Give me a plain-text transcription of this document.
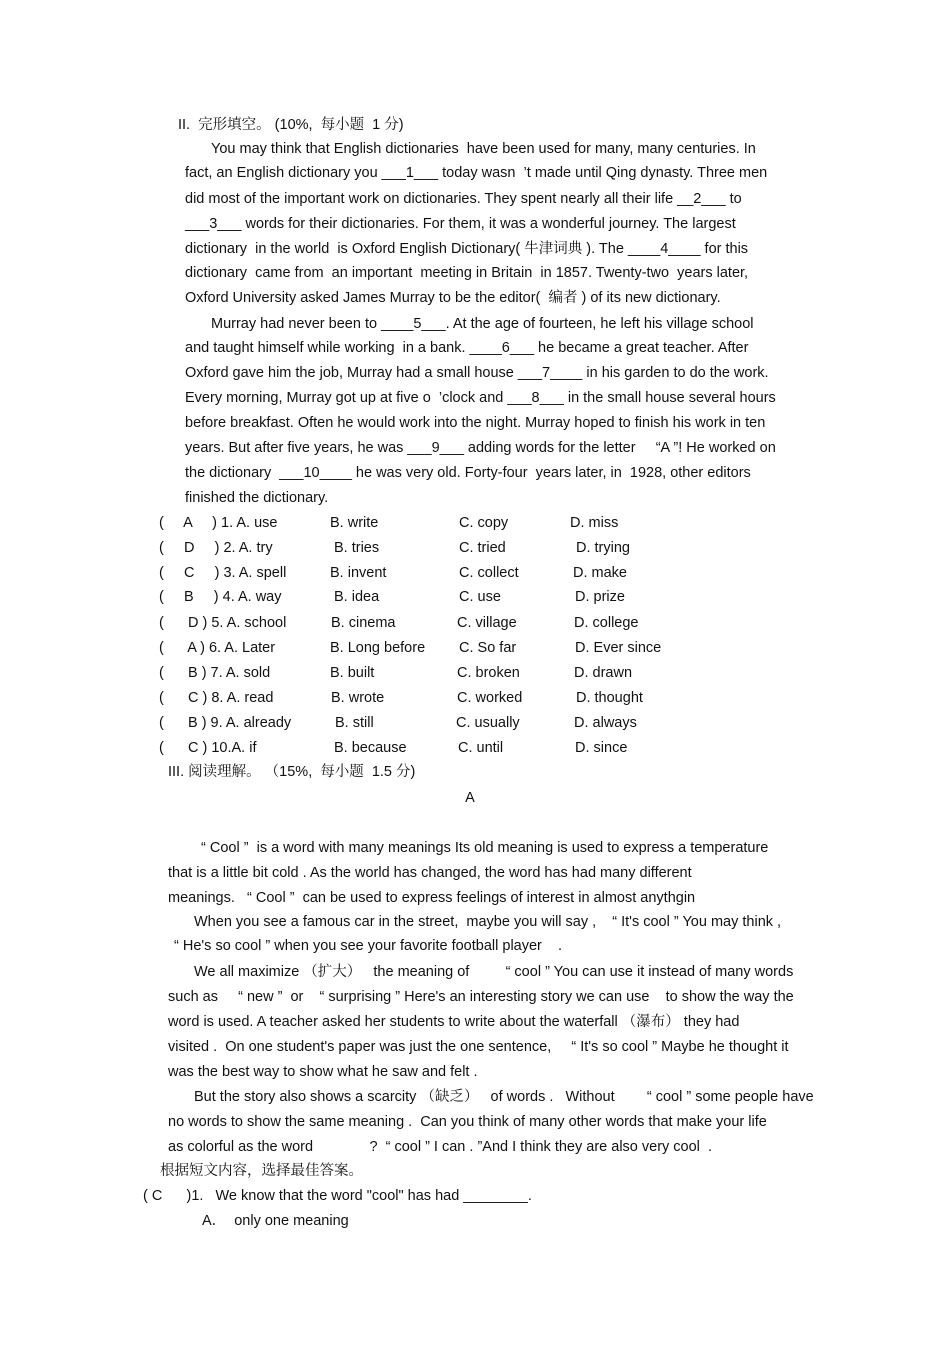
II.  完形填空。 (10%,  每小题  1 分)
You may think that English dictionaries  have been used for many, many centuries. In
fact, an English dictionary you ___1___ today wasn  ’t made until Qing dynasty. Three men
did most of the important work on dictionaries. They spent nearly all their life __2___ to
___3___ words for their dictionaries. For them, it was a wonderful journey. The largest
dictionary  in the world  is Oxford English Dictionary( 牛津词典 ). The ____4____ for this
dictionary  came from  an important  meeting in Britain  in 1857. Twenty-two  years later,
Oxford University asked James Murray to be the editor(  编者 ) of its new dictionary.
Murray had never been to ____5___. At the age of fourteen, he left his village school
and taught himself while working  in a bank. ____6___ he became a great teacher. After
Oxford gave him the job, Murray had a small house ___7____ in his garden to do the work.
Every morning, Murray got up at five o  ’clock and ___8___ in the small house several hours
before breakfast. Often he would work into the night. Murray hoped to finish his work in ten
years. But after five years, he was ___9___ adding words for the letter     “A ”! He worked on
the dictionary  ___10____ he was very old. Forty-four  years later, in  1928, other editors
finished the dictionary.
(     A     ) 1. A. use	B. write	C. copy	D. miss
(     D     ) 2. A. try	B. tries	C. tried	D. trying
(     C     ) 3. A. spell	B. invent	C. collect	D. make
(     B     ) 4. A. way	B. idea	C. use	D. prize
(      D ) 5. A. school	B. cinema	C. village	D. college
(      A ) 6. A. Later	B. Long before C. So far	D. Ever since
(      B ) 7. A. sold	B. built	C. broken	D. drawn
(      C ) 8. A. read	B. wrote	C. worked	D. thought
(      B ) 9. A. already	B. still	C. usually	D. always
(      C ) 10.A. if	B. because	C. until	D. since
III. 阅读理解。 （15%,  每小题  1.5 分)
A
“ Cool ”  is a word with many meanings Its old meaning is used to express a temperature
that is a little bit cold . As the world has changed, the word has had many different
meanings.   “ Cool ”  can be used to express feelings of interest in almost anythgin
When you see a famous car in the street,  maybe you will say ,    “ It's cool ” You may think ,
“ He's so cool ” when you see your favorite football player    .
We all maximize （扩大）   the meaning of         “ cool ” You can use it instead of many words
such as     “ new ”  or    “ surprising ” Here's an interesting story we can use    to show the way the
word is used. A teacher asked her students to write about the waterfall （瀑布） they had
visited .  On one student's paper was just the one sentence,     “ It's so cool ” Maybe he thought it
was the best way to show what he saw and felt .
But the story also shows a scarcity （缺乏）   of words .   Without        “ cool ” some people have
no words to show the same meaning .  Can you think of many other words that make your life
as colorful as the word              ?  “ cool ” I can . ”And I think they are also very cool  .
根据短文内容，选择最佳答案。
( C      )1.   We know that the word "cool" has had ________.
A．  only one meaning
